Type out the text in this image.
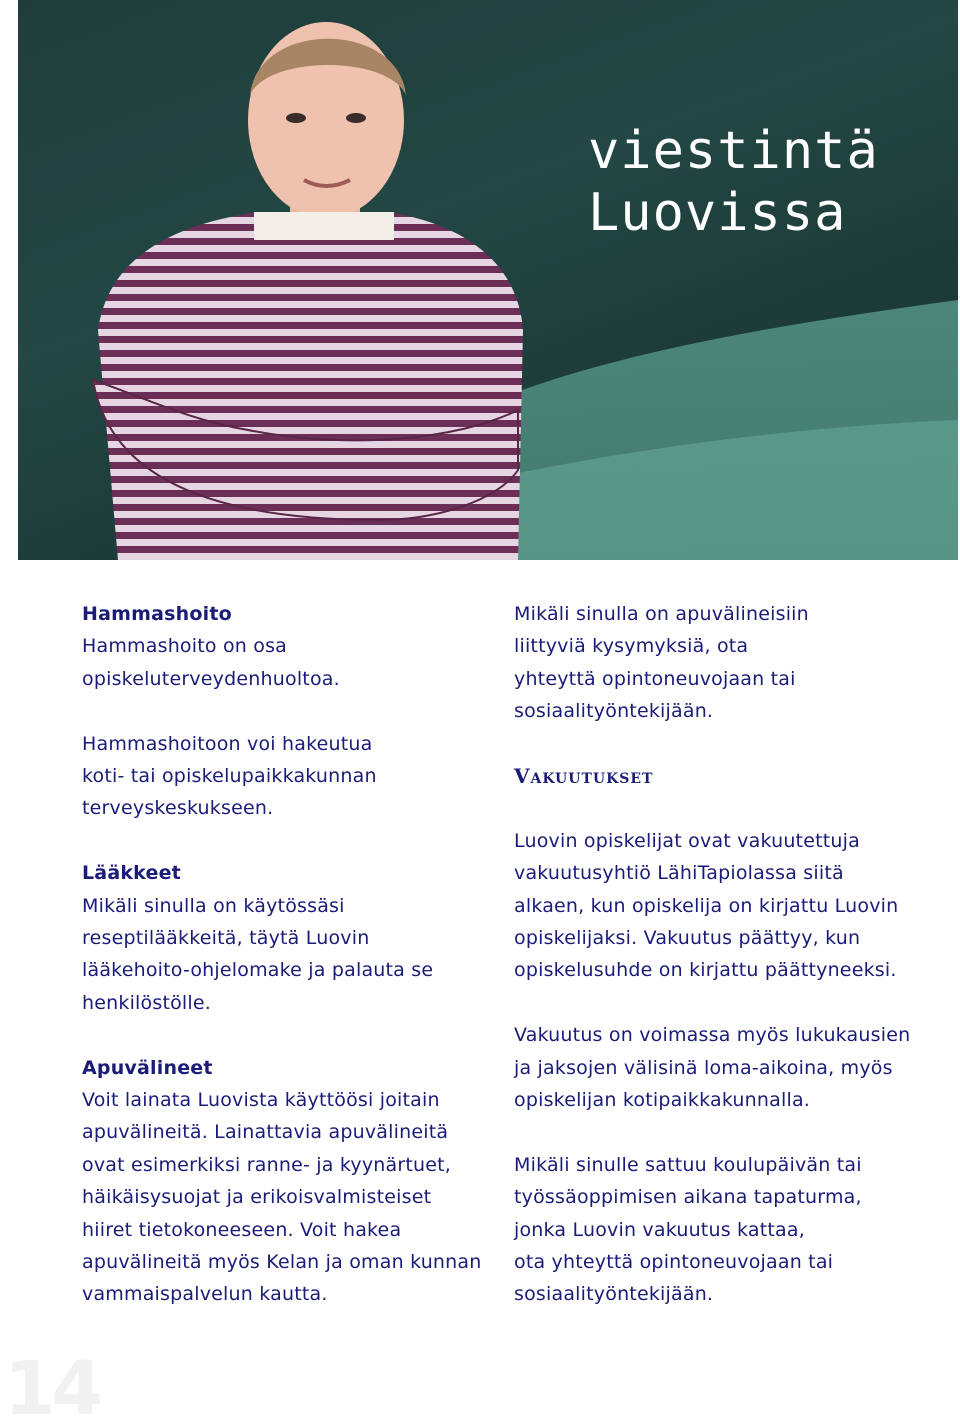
viestintä
Luovissa
Hammashoito
Hammashoito on osa
opiskeluterveydenhuoltoa.
Hammashoitoon voi hakeutua
koti- tai opiskelupaikkakunnan
terveyskeskukseen.
Lääkkeet
Mikäli sinulla on käytössäsi
reseptilääkkeitä, täytä Luovin
lääkehoito-ohjelomake ja palauta se
henkilöstölle.
Apuvälineet
Voit lainata Luovista käyttöösi joitain
apuvälineitä. Lainattavia apuvälineitä
ovat esimerkiksi ranne- ja kyynärtuet,
häikäisysuojat ja erikoisvalmisteiset
hiiret tietokoneeseen. Voit hakea
apuvälineitä myös Kelan ja oman kunnan
vammaispalvelun kautta.
Mikäli sinulla on apuvälineisiin
liittyviä kysymyksiä, ota
yhteyttä opintoneuvojaan tai
sosiaalityöntekijään.
Vakuutukset
Luovin opiskelijat ovat vakuutettuja
vakuutusyhtiö LähiTapiolassa siitä
alkaen, kun opiskelija on kirjattu Luovin
opiskelijaksi. Vakuutus päättyy, kun
opiskelusuhde on kirjattu päättyneeksi.
Vakuutus on voimassa myös lukukausien
ja jaksojen välisinä loma-aikoina, myös
opiskelijan kotipaikkakunnalla.
Mikäli sinulle sattuu koulupäivän tai
työssäoppimisen aikana tapaturma,
jonka Luovin vakuutus kattaa,
ota yhteyttä opintoneuvojaan tai
sosiaalityöntekijään.
14
